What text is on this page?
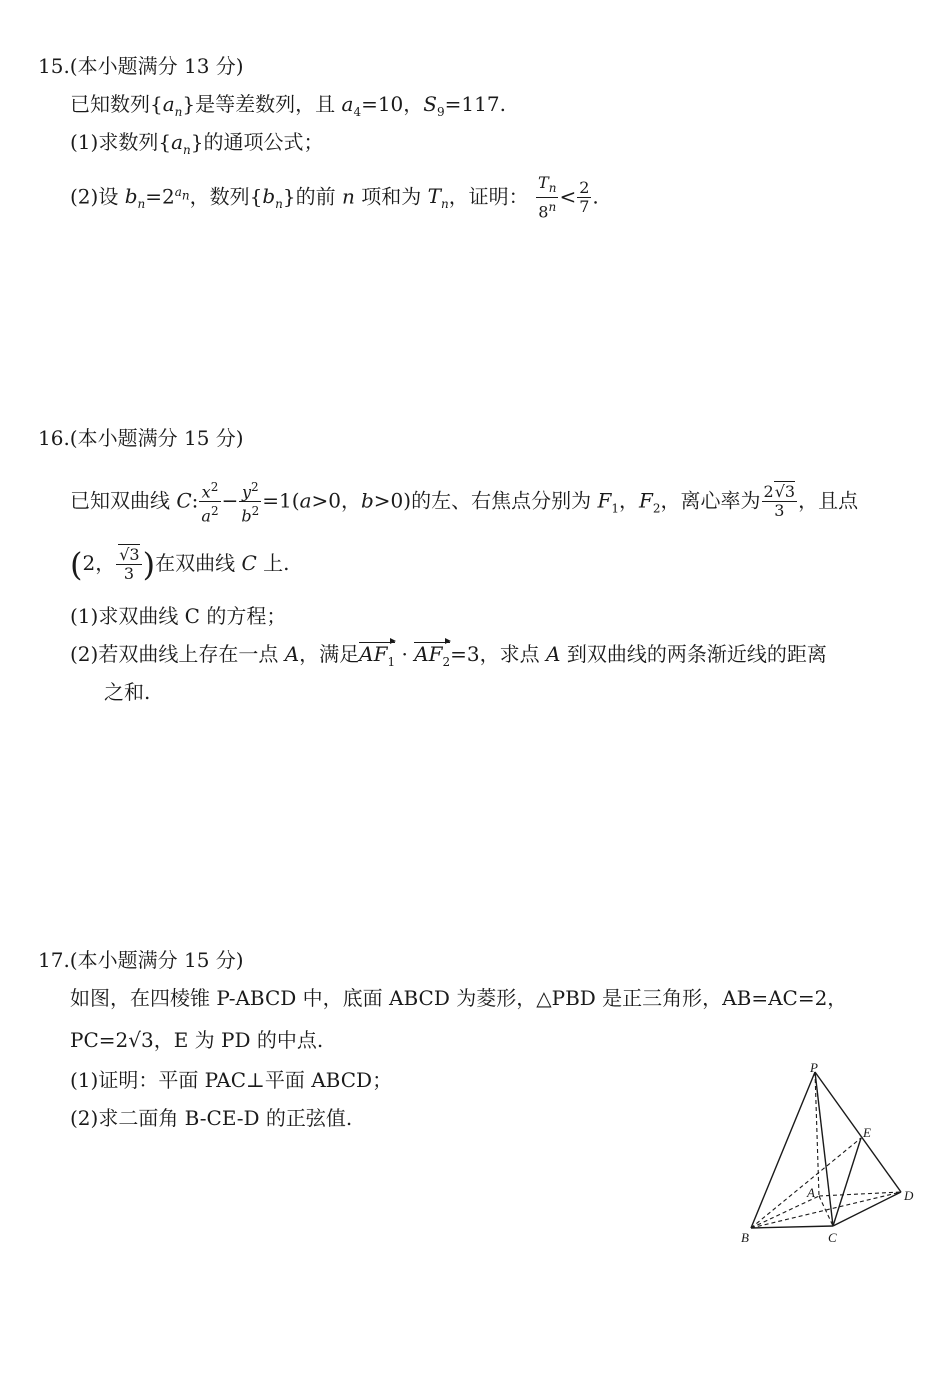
15.(本小题满分 13 分)
已知数列$\{a_n\}$是等差数列，且 $a_4=10$，$S_9=117$.
(1)求数列$\{a_n\}$的通项公式；
(2)设 $b_n=2^{a_n}$，数列$\{b_n\}$的前 n 项和为 $T_n$，证明： $\frac{T_n}{8^n} < \frac{2}{7}$ .
16.(本小题满分 15 分)
已知双曲线 C: $\frac{x^2}{a^2} - \frac{y^2}{b^2} =1(a>0$，b>0)的左、右焦点分别为 $F_1$，$F_2$，离心率为 $\frac{2√3}{3}$ ，且点
(2， $\frac{√3}{3}$ )在双曲线 C 上.
(1)求双曲线 C 的方程；
(2)若双曲线上存在一点 A，满足$AF_1 \cdot AF_2=3$，求点 A 到双曲线的两条渐近线的距离
之和.
17.(本小题满分 15 分)
如图，在四棱锥 P-ABCD 中，底面 ABCD 为菱形，△PBD 是正三角形，AB=AC=2，
PC=2√3，E 为 PD 的中点.
(1)证明：平面 PAC⊥平面 ABCD；
(2)求二面角 B-CE-D 的正弦值.
P
E
A	D
B	C
